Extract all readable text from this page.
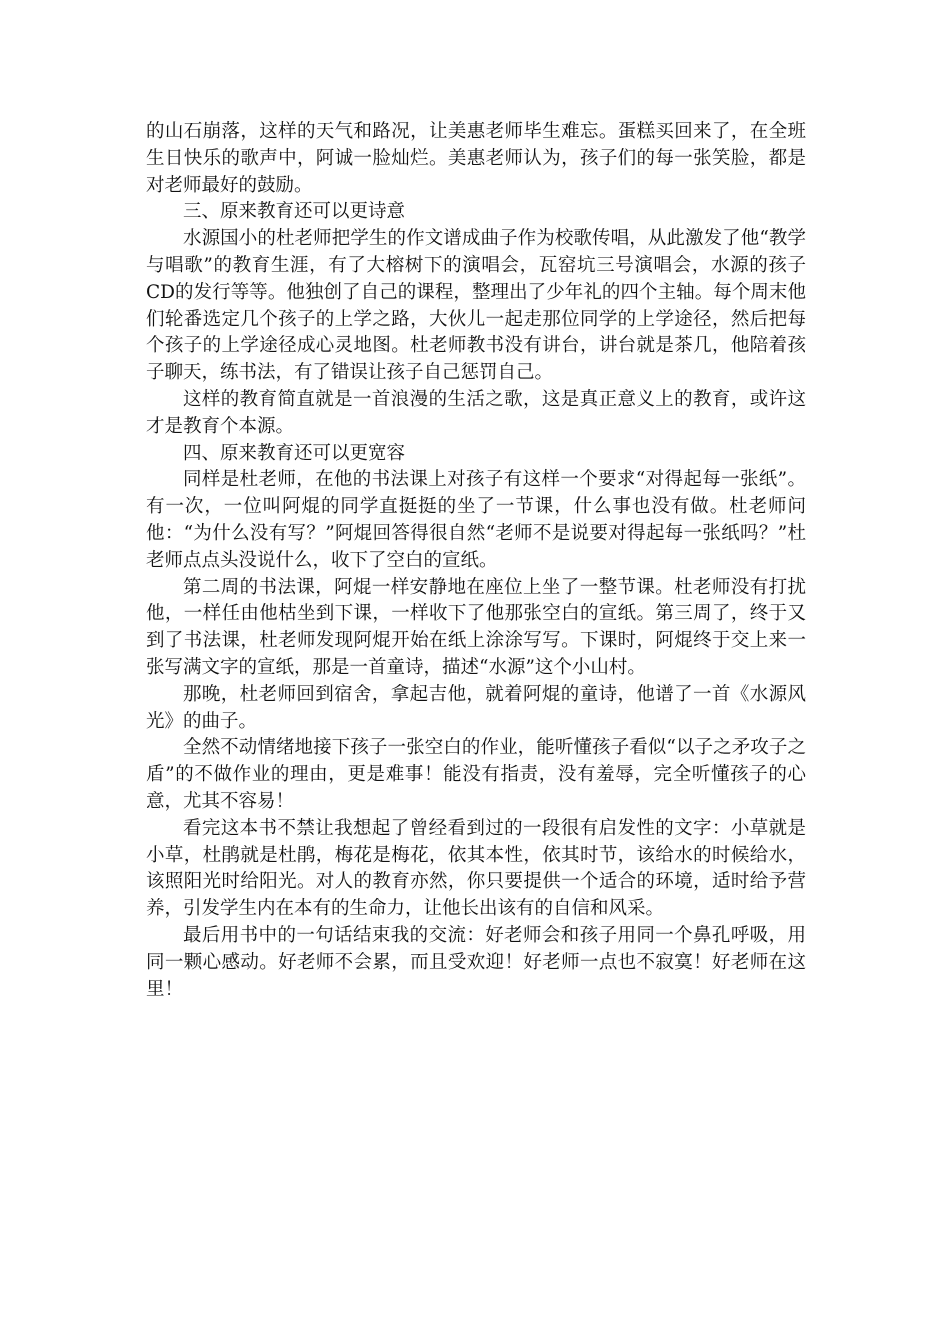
的山石崩落，这样的天气和路况，让美惠老师毕生难忘。蛋糕买回来了，在全班生日快乐的歌声中，阿诚一脸灿烂。美惠老师认为，孩子们的每一张笑脸，都是对老师最好的鼓励。

三、原来教育还可以更诗意

水源国小的杜老师把学生的作文谱成曲子作为校歌传唱，从此激发了他“教学与唱歌”的教育生涯，有了大榕树下的演唱会，瓦窑坑三号演唱会，水源的孩子CD的发行等等。他独创了自己的课程，整理出了少年礼的四个主轴。每个周末他们轮番选定几个孩子的上学之路，大伙儿一起走那位同学的上学途径，然后把每个孩子的上学途径成心灵地图。杜老师教书没有讲台，讲台就是茶几，他陪着孩子聊天，练书法，有了错误让孩子自己惩罚自己。

这样的教育简直就是一首浪漫的生活之歌，这是真正意义上的教育，或许这才是教育个本源。

四、原来教育还可以更宽容

同样是杜老师，在他的书法课上对孩子有这样一个要求“对得起每一张纸”。有一次，一位叫阿焜的同学直挺挺的坐了一节课，什么事也没有做。杜老师问他：“为什么没有写？”阿焜回答得很自然“老师不是说要对得起每一张纸吗？”杜老师点点头没说什么，收下了空白的宣纸。

第二周的书法课，阿焜一样安静地在座位上坐了一整节课。杜老师没有打扰他，一样任由他枯坐到下课，一样收下了他那张空白的宣纸。第三周了，终于又到了书法课，杜老师发现阿焜开始在纸上涂涂写写。下课时，阿焜终于交上来一张写满文字的宣纸，那是一首童诗，描述“水源”这个小山村。

那晚，杜老师回到宿舍，拿起吉他，就着阿焜的童诗，他谱了一首《水源风光》的曲子。

全然不动情绪地接下孩子一张空白的作业，能听懂孩子看似“以子之矛攻子之盾”的不做作业的理由，更是难事！能没有指责，没有羞辱，完全听懂孩子的心意，尤其不容易！

看完这本书不禁让我想起了曾经看到过的一段很有启发性的文字：小草就是小草，杜鹃就是杜鹃，梅花是梅花，依其本性，依其时节，该给水的时候给水，该照阳光时给阳光。对人的教育亦然，你只要提供一个适合的环境，适时给予营养，引发学生内在本有的生命力，让他长出该有的自信和风采。

最后用书中的一句话结束我的交流：好老师会和孩子用同一个鼻孔呼吸，用同一颗心感动。好老师不会累，而且受欢迎！好老师一点也不寂寞！好老师在这里！
